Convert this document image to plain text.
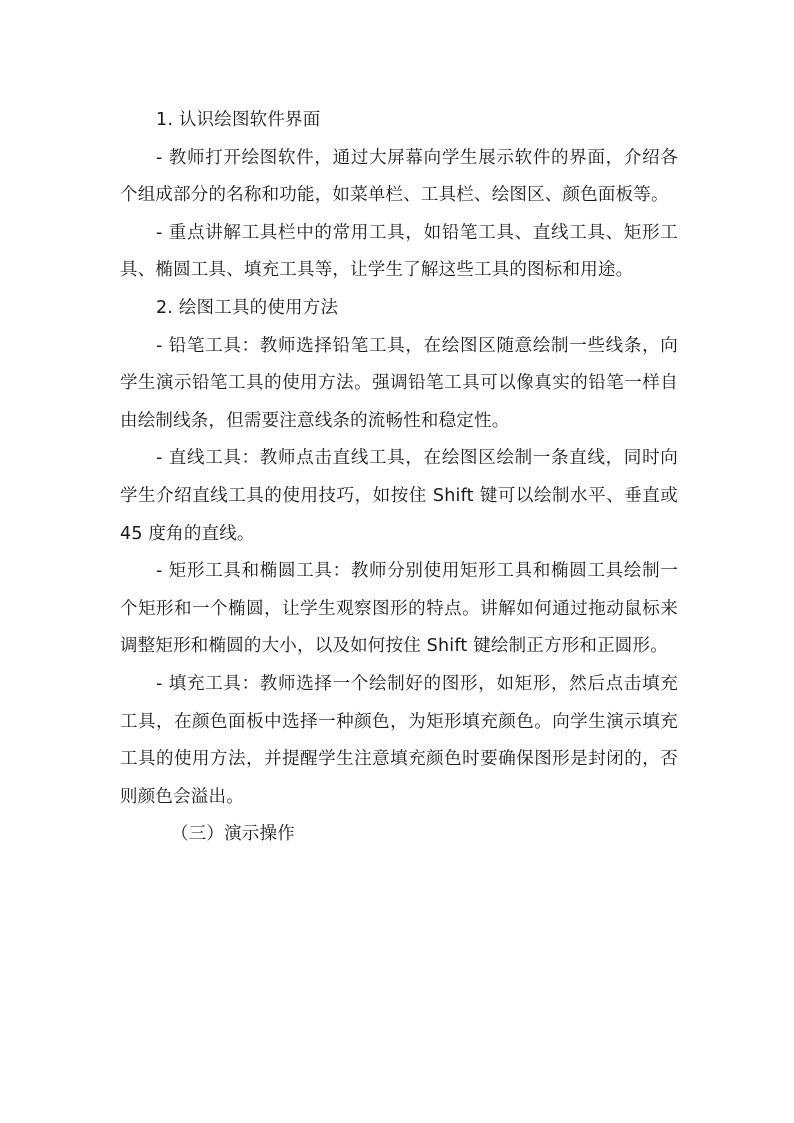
1. 认识绘图软件界面

- 教师打开绘图软件，通过大屏幕向学生展示软件的界面，介绍各个组成部分的名称和功能，如菜单栏、工具栏、绘图区、颜色面板等。

- 重点讲解工具栏中的常用工具，如铅笔工具、直线工具、矩形工具、椭圆工具、填充工具等，让学生了解这些工具的图标和用途。

2. 绘图工具的使用方法

- 铅笔工具：教师选择铅笔工具，在绘图区随意绘制一些线条，向学生演示铅笔工具的使用方法。强调铅笔工具可以像真实的铅笔一样自由绘制线条，但需要注意线条的流畅性和稳定性。

- 直线工具：教师点击直线工具，在绘图区绘制一条直线，同时向学生介绍直线工具的使用技巧，如按住 Shift 键可以绘制水平、垂直或 45 度角的直线。

- 矩形工具和椭圆工具：教师分别使用矩形工具和椭圆工具绘制一个矩形和一个椭圆，让学生观察图形的特点。讲解如何通过拖动鼠标来调整矩形和椭圆的大小，以及如何按住 Shift 键绘制正方形和正圆形。

- 填充工具：教师选择一个绘制好的图形，如矩形，然后点击填充工具，在颜色面板中选择一种颜色，为矩形填充颜色。向学生演示填充工具的使用方法，并提醒学生注意填充颜色时要确保图形是封闭的，否则颜色会溢出。

（三）演示操作
